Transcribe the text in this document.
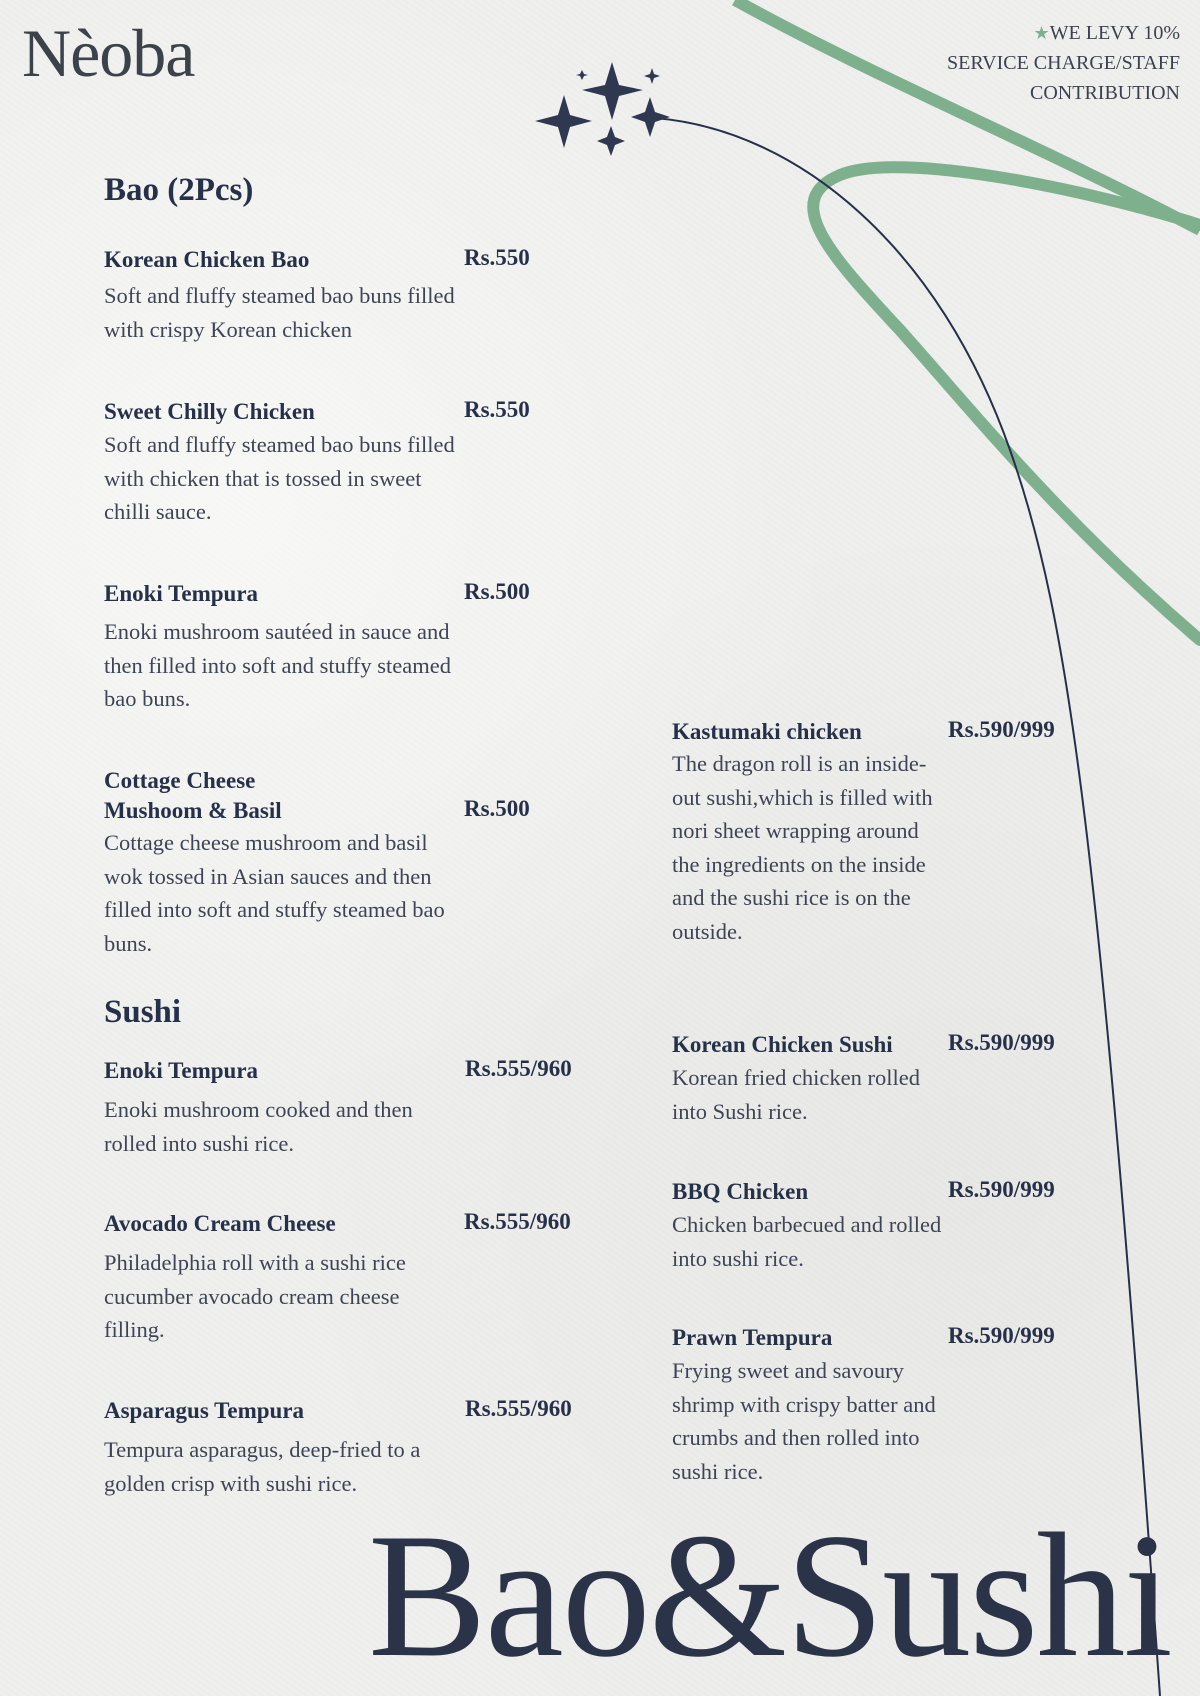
Nèoba	★WE LEVY 10%
SERVICE CHARGE/STAFF
CONTRIBUTION
Bao (2Pcs)
Korean Chicken Bao	Rs.550
Soft and fluffy steamed bao buns filled with crispy Korean chicken
Sweet Chilly Chicken	Rs.550
Soft and fluffy steamed bao buns filled with chicken that is tossed in sweet chilli sauce.
Enoki Tempura	Rs.500
Enoki mushroom sautéed in sauce and then filled into soft and stuffy steamed bao buns.
Cottage Cheese Mushoom & Basil	Rs.500
Cottage cheese mushroom and basil wok tossed in Asian sauces and then filled into soft and stuffy steamed bao buns.
Sushi
Enoki Tempura	Rs.555/960
Enoki mushroom cooked and then rolled into sushi rice.
Avocado Cream Cheese	Rs.555/960
Philadelphia roll with a sushi rice cucumber avocado cream cheese filling.
Asparagus Tempura	Rs.555/960
Tempura asparagus, deep-fried to a golden crisp with sushi rice.
Kastumaki chicken	Rs.590/999
The dragon roll is an inside-out sushi,which is filled with nori sheet wrapping around the ingredients on the inside and the sushi rice is on the outside.
Korean Chicken Sushi	Rs.590/999
Korean fried chicken rolled into Sushi rice.
BBQ Chicken	Rs.590/999
Chicken barbecued and rolled into sushi rice.
Prawn Tempura	Rs.590/999
Frying sweet and savoury shrimp with crispy batter and crumbs and then rolled into sushi rice.
Bao&Sushi
